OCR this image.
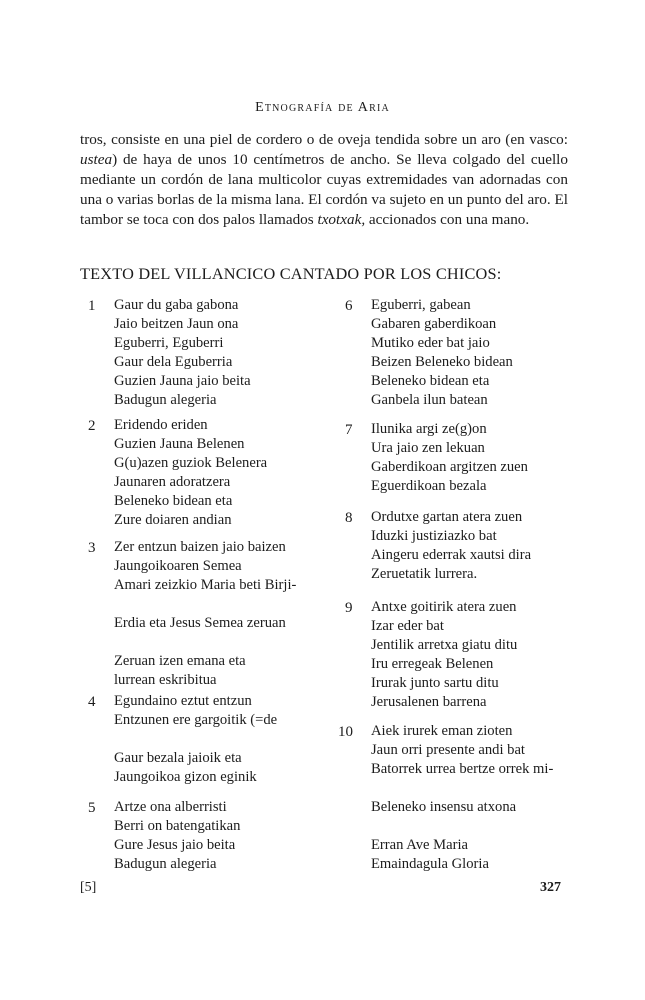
Etnografía de Aria

tros, consiste en una piel de cordero o de oveja tendida sobre un aro (en vasco: ustea) de haya de unos 10 centímetros de ancho. Se lleva colgado del cuello mediante un cordón de lana multicolor cuyas extremidades van adornadas con una o varias borlas de la misma lana. El cordón va sujeto en un punto del aro. El tambor se toca con dos palos llamados txotxak, accionados con una mano.

TEXTO DEL VILLANCICO CANTADO POR LOS CHICOS:
1 Gaur du gaba gabona
Jaio beitzen Jaun ona
Eguberri, Eguberri
Gaur dela Eguberria
Guzien Jauna jaio beita
Badugun alegeria
2 Eridendo eriden
Guzien Jauna Belenen
G(u)azen guziok Belenera
Jaunaren adoratzera
Beleneko bidean eta
Zure doiaren andian
3 Zer entzun baizen jaio baizen
Jaungoikoaren Semea
Amari zeizkio Maria beti Birji-
Erdia eta Jesus Semea zeruan
Zeruan izen emana eta
lurrean eskribitua
4 Egundaino eztut entzun
Entzunen ere gargoitik (=de
Gaur bezala jaioik eta
Jaungoikoa gizon eginik
5 Artze ona alberristi
Berri on batengatikan
Gure Jesus jaio beita
Badugun alegeria
6 Eguberri, gabean
Gabaren gaberdikoan
Mutiko eder bat jaio
Beizen Beleneko bidean
Beleneko bidean eta
Ganbela ilun batean
7 Ilunika argi ze(g)on
Ura jaio zen lekuan
Gaberdikoan argitzen zuen
Eguerdikoan bezala
8 Ordutxe gartan atera zuen
Iduzki justiziazko bat
Aingeru ederrak xautsi dira
Zeruetatik lurrera.
9 Antxe goitirik atera zuen
Izar eder bat
Jentilik arretxa giatu ditu
Iru erregeak Belenen
Irurak junto sartu ditu
Jerusalenen barrena
10 Aiek irurek eman zioten
Jaun orri presente andi bat
Batorrek urrea bertze orrek mi-
Beleneko insensu atxona
Erran Ave Maria
Emaindagula Gloria
[5]	327
